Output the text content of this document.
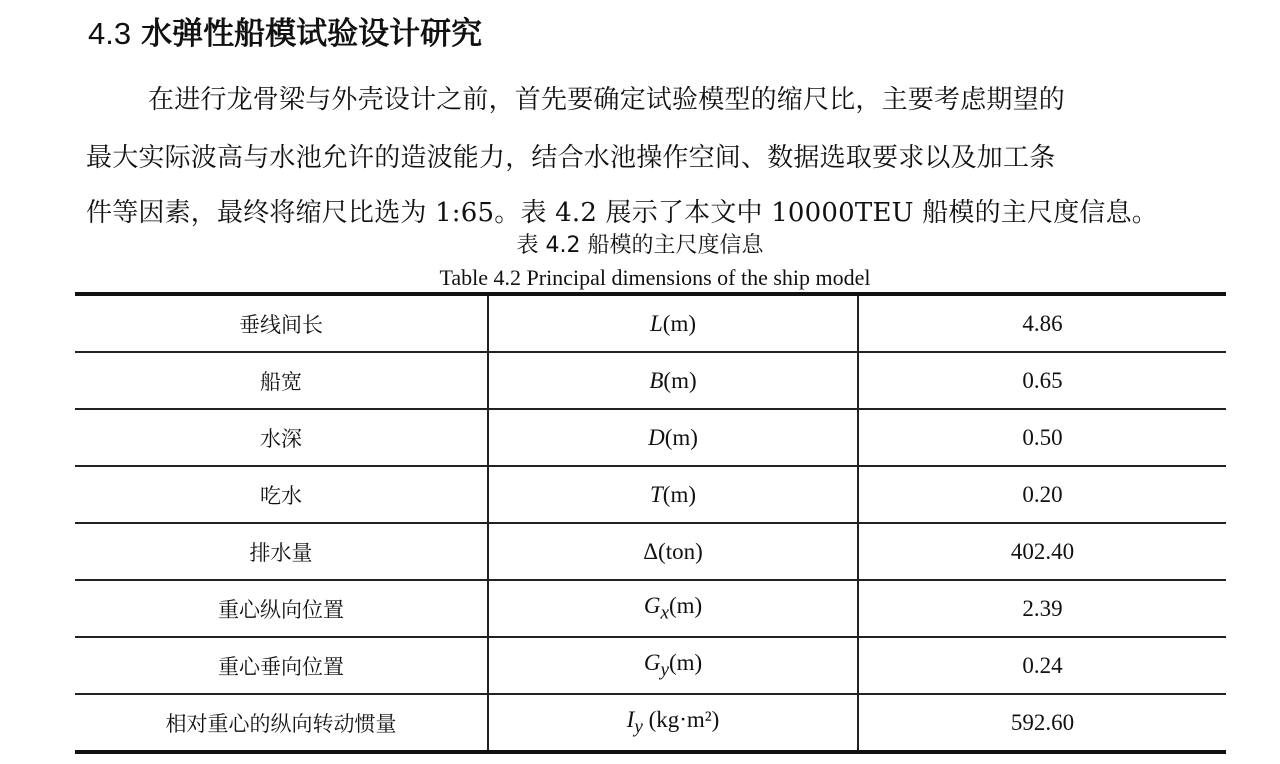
4.3 水弹性船模试验设计研究
在进行龙骨梁与外壳设计之前，首先要确定试验模型的缩尺比，主要考虑期望的
最大实际波高与水池允许的造波能力，结合水池操作空间、数据选取要求以及加工条
件等因素，最终将缩尺比选为 1:65。表 4.2 展示了本文中 10000TEU 船模的主尺度信息。
表 4.2 船模的主尺度信息
Table 4.2 Principal dimensions of the ship model
垂线间长	L(m)	4.86
船宽	B(m)	0.65
水深	D(m)	0.50
吃水	T(m)	0.20
排水量	Δ(ton)	402.40
重心纵向位置	$G_x(m)$	2.39
重心垂向位置	$G_y(m)$	0.24
相对重心的纵向转动惯量	$I_y$ (kg·m²)	592.60
